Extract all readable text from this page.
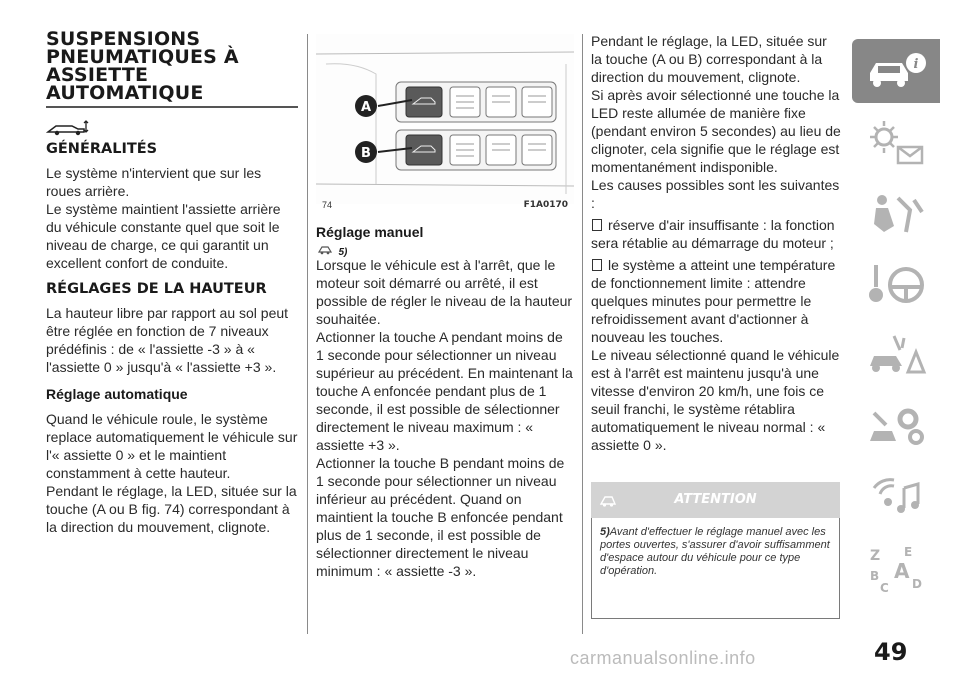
SUSPENSIONS
PNEUMATIQUES À
ASSIETTE
AUTOMATIQUE
GÉNÉRALITÉS

Le système n'intervient que sur les roues arrière.

Le système maintient l'assiette arrière du véhicule constante quel que soit le niveau de charge, ce qui garantit un excellent confort de conduite.

RÉGLAGES DE LA HAUTEUR

La hauteur libre par rapport au sol peut être réglée en fonction de 7 niveaux prédéfinis : de « l'assiette -3 » à « l'assiette 0 » jusqu'à « l'assiette +3 ».

Réglage automatique

Quand le véhicule roule, le système replace automatiquement le véhicule sur l'« assiette 0 » et le maintient constamment à cette hauteur.

Pendant le réglage, la LED, située sur la touche (A ou B fig. 74) correspondant à la direction du mouvement, clignote.

A
B
74	F1A0170
Réglage manuel
5)

Lorsque le véhicule est à l'arrêt, que le moteur soit démarré ou arrêté, il est possible de régler le niveau de la hauteur souhaitée.

Actionner la touche A pendant moins de 1 seconde pour sélectionner un niveau supérieur au précédent. En maintenant la touche A enfoncée pendant plus de 1 seconde, il est possible de sélectionner directement le niveau maximum : « assiette +3 ».

Actionner la touche B pendant moins de 1 seconde pour sélectionner un niveau inférieur au précédent. Quand on maintient la touche B enfoncée pendant plus de 1 seconde, il est possible de sélectionner directement le niveau minimum : « assiette -3 ».

Pendant le réglage, la LED, située sur la touche (A ou B) correspondant à la direction du mouvement, clignote.

Si après avoir sélectionné une touche la LED reste allumée de manière fixe (pendant environ 5 secondes) au lieu de clignoter, cela signifie que le réglage est momentanément indisponible.

Les causes possibles sont les suivantes :

réserve d'air insuffisante : la fonction sera rétablie au démarrage du moteur ;

le système a atteint une température de fonctionnement limite : attendre quelques minutes pour permettre le refroidissement avant d'actionner à nouveau les touches.

Le niveau sélectionné quand le véhicule est à l'arrêt est maintenu jusqu'à une vitesse d'environ 20 km/h, une fois ce seuil franchi, le système rétablira automatiquement le niveau normal : « assiette 0 ».

ATTENTION

5)Avant d'effectuer le réglage manuel avec les portes ouvertes, s'assurer d'avoir suffisamment d'espace autour du véhicule pour ce type d'opération.

i
Z E
B A
C D
49
carmanualsonline.info
